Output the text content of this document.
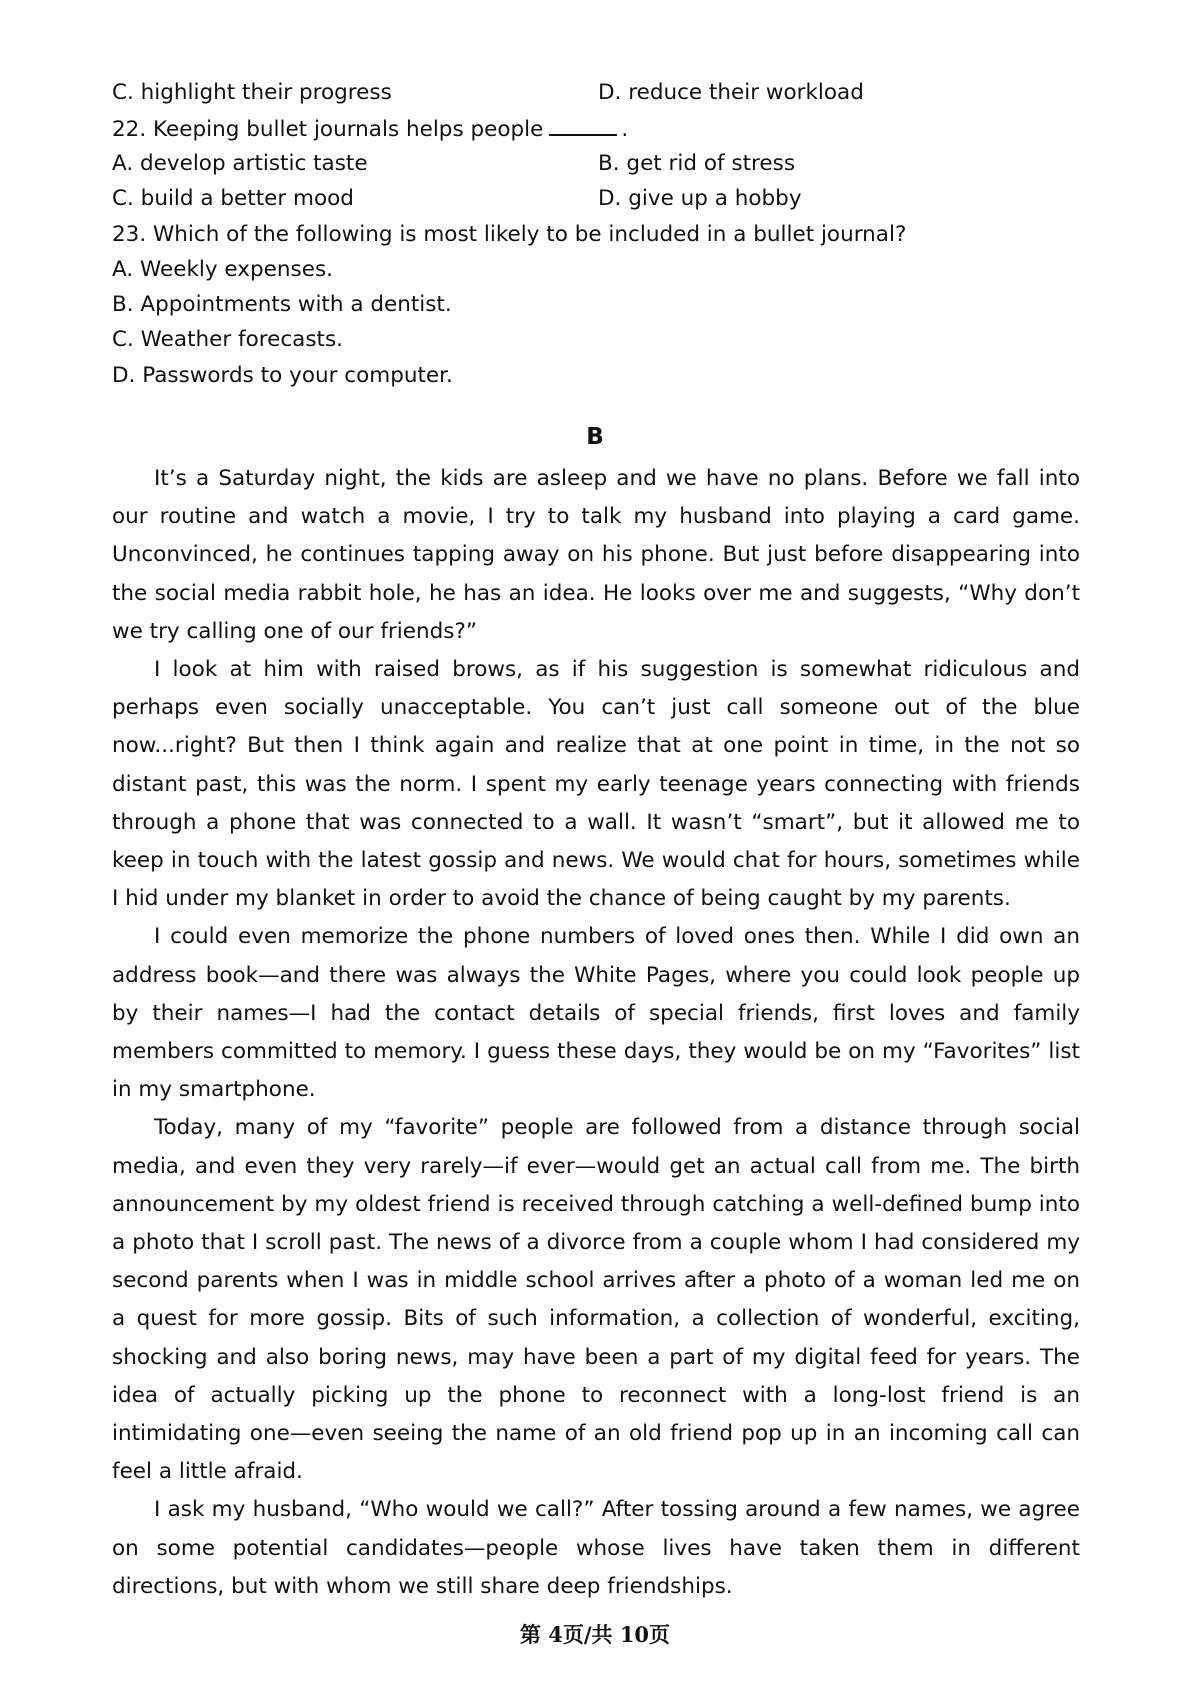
C. highlight their progress	D. reduce their workload
22. Keeping bullet journals helps people	.
A. develop artistic taste	B. get rid of stress
C. build a better mood	D. give up a hobby
23. Which of the following is most likely to be included in a bullet journal?
A. Weekly expenses.
B. Appointments with a dentist.
C. Weather forecasts.
D. Passwords to your computer.
B

It’s a Saturday night, the kids are asleep and we have no plans. Before we fall into our routine and watch a movie, I try to talk my husband into playing a card game. Unconvinced, he continues tapping away on his phone. But just before disappearing into the social media rabbit hole, he has an idea. He looks over me and suggests, “Why don’t we try calling one of our friends?”

I look at him with raised brows, as if his suggestion is somewhat ridiculous and perhaps even socially unacceptable. You can’t just call someone out of the blue now...right? But then I think again and realize that at one point in time, in the not so distant past, this was the norm. I spent my early teenage years connecting with friends through a phone that was connected to a wall. It wasn’t “smart”, but it allowed me to keep in touch with the latest gossip and news. We would chat for hours, sometimes while I hid under my blanket in order to avoid the chance of being caught by my parents.

I could even memorize the phone numbers of loved ones then. While I did own an address book—and there was always the White Pages, where you could look people up by their names—I had the contact details of special friends, first loves and family members committed to memory. I guess these days, they would be on my “Favorites” list in my smartphone.

Today, many of my “favorite” people are followed from a distance through social media, and even they very rarely—if ever—would get an actual call from me. The birth announcement by my oldest friend is received through catching a well-defined bump into a photo that I scroll past. The news of a divorce from a couple whom I had considered my second parents when I was in middle school arrives after a photo of a woman led me on a quest for more gossip. Bits of such information, a collection of wonderful, exciting, shocking and also boring news, may have been a part of my digital feed for years. The idea of actually picking up the phone to reconnect with a long-lost friend is an intimidating one—even seeing the name of an old friend pop up in an incoming call can feel a little afraid.

I ask my husband, “Who would we call?” After tossing around a few names, we agree on some potential candidates—people whose lives have taken them in different directions, but with whom we still share deep friendships.

第 4页/共 10页
